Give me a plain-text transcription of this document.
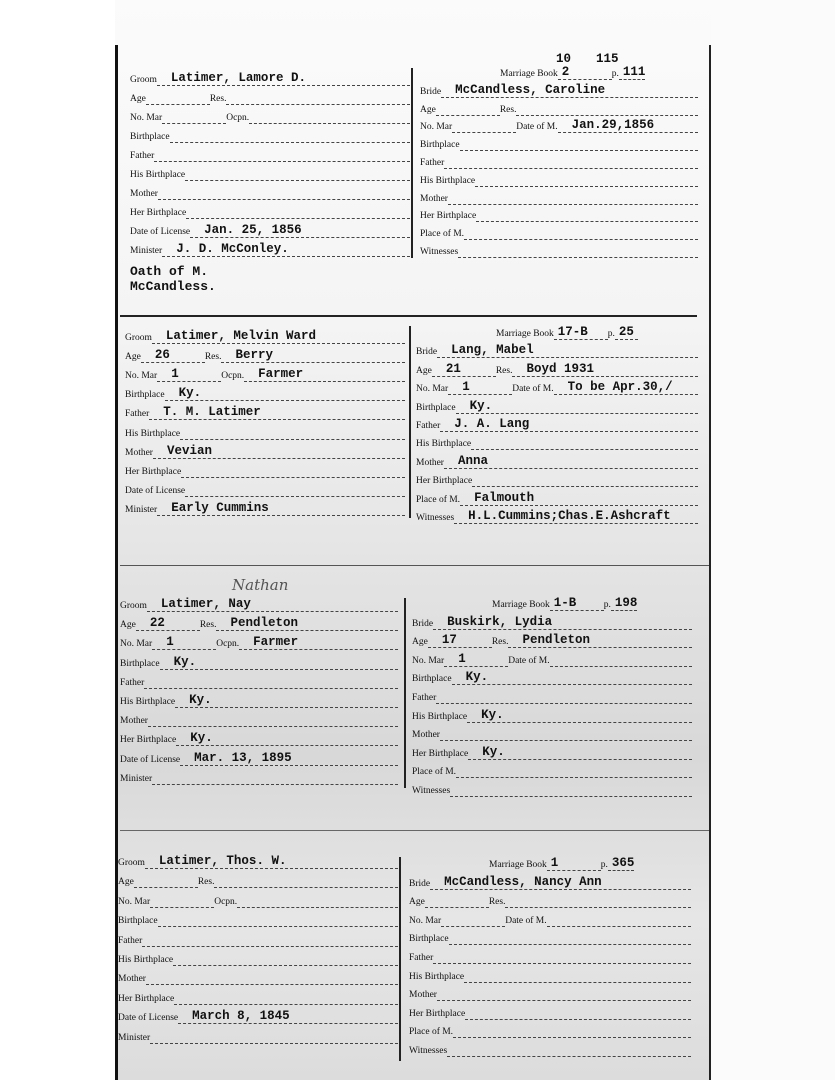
Groom	Latimer, Lamore D.
Age	Res.
No. Mar	Ocpn.
Birthplace
Father
His Birthplace
Mother
Her Birthplace
Date of License	Jan. 25, 1856
Minister	J. D. McConley.
Marriage Book 2	p. 111
Bride	McCandless, Caroline
Age	Res.
No. Mar	Date of M.	Jan.29,1856
Birthplace
Father
His Birthplace
Mother
Her Birthplace
Place of M.
Witnesses
10 115
Oath of M. McCandless.
Groom	Latimer, Melvin Ward
Age	26	Res.	Berry
No. Mar	1	Ocpn.	Farmer
Birthplace	Ky.
Father	T. M. Latimer
His Birthplace
Mother	Vevian
Her Birthplace
Date of License
Minister	Early Cummins
Marriage Book 17-B	p. 25
Bride	Lang, Mabel
Age	21	Res.	Boyd 1931
No. Mar	1	Date of M.	To be Apr.30,/
Birthplace	Ky.
Father	J. A. Lang
His Birthplace
Mother	Anna
Her Birthplace
Place of M.	Falmouth
Witnesses	H.L.Cummins;Chas.E.Ashcraft
Groom	Latimer, Nay
Age	22	Res.	Pendleton
No. Mar	1	Ocpn.	Farmer
Birthplace	Ky.
Father
His Birthplace	Ky.
Mother
Her Birthplace	Ky.
Date of License	Mar. 13, 1895
Minister
Marriage Book 1-B	p. 198
Bride	Buskirk, Lydia
Age	17	Res.	Pendleton
No. Mar	1	Date of M.
Birthplace	Ky.
Father
His Birthplace	Ky.
Mother
Her Birthplace	Ky.
Place of M.
Witnesses
Nathan
Groom	Latimer, Thos. W.
Age	Res.
No. Mar	Ocpn.
Birthplace
Father
His Birthplace
Mother
Her Birthplace
Date of License	March 8, 1845
Minister
Marriage Book 1	p. 365
Bride	McCandless, Nancy Ann
Age	Res.
No. Mar	Date of M.
Birthplace
Father
His Birthplace
Mother
Her Birthplace
Place of M.
Witnesses
